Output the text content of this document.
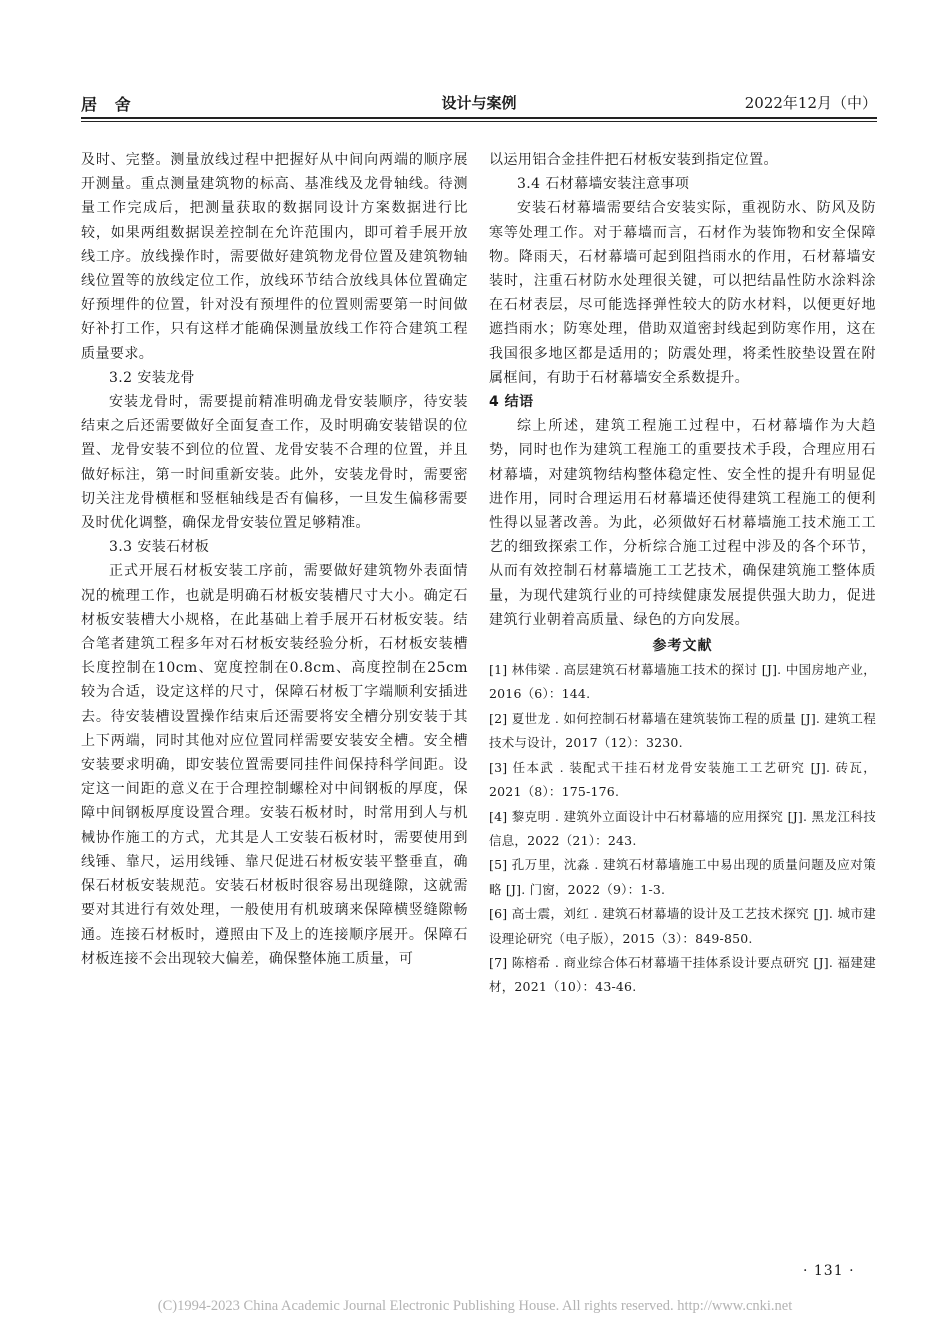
居 舍	设计与案例	2022年12月（中）

及时、完整。测量放线过程中把握好从中间向两端的顺序展开测量。重点测量建筑物的标高、基准线及龙骨轴线。待测量工作完成后，把测量获取的数据同设计方案数据进行比较，如果两组数据误差控制在允许范围内，即可着手展开放线工序。放线操作时，需要做好建筑物龙骨位置及建筑物轴线位置等的放线定位工作，放线环节结合放线具体位置确定好预埋件的位置，针对没有预埋件的位置则需要第一时间做好补打工作，只有这样才能确保测量放线工作符合建筑工程质量要求。

3.2 安装龙骨

安装龙骨时，需要提前精准明确龙骨安装顺序，待安装结束之后还需要做好全面复查工作，及时明确安装错误的位置、龙骨安装不到位的位置、龙骨安装不合理的位置，并且做好标注，第一时间重新安装。此外，安装龙骨时，需要密切关注龙骨横框和竖框轴线是否有偏移，一旦发生偏移需要及时优化调整，确保龙骨安装位置足够精准。

3.3 安装石材板

正式开展石材板安装工序前，需要做好建筑物外表面情况的梳理工作，也就是明确石材板安装槽尺寸大小。确定石材板安装槽大小规格，在此基础上着手展开石材板安装。结合笔者建筑工程多年对石材板安装经验分析，石材板安装槽长度控制在10cm、宽度控制在0.8cm、高度控制在25cm较为合适，设定这样的尺寸，保障石材板丁字端顺利安插进去。待安装槽设置操作结束后还需要将安全槽分别安装于其上下两端，同时其他对应位置同样需要安装安全槽。安全槽安装要求明确，即安装位置需要同挂件间保持科学间距。设定这一间距的意义在于合理控制螺栓对中间钢板的厚度，保障中间钢板厚度设置合理。安装石板材时，时常用到人与机械协作施工的方式，尤其是人工安装石板材时，需要使用到线锤、靠尺，运用线锤、靠尺促进石材板安装平整垂直，确保石材板安装规范。安装石材板时很容易出现缝隙，这就需要对其进行有效处理，一般使用有机玻璃来保障横竖缝隙畅通。连接石材板时，遵照由下及上的连接顺序展开。保障石材板连接不会出现较大偏差，确保整体施工质量，可

以运用铝合金挂件把石材板安装到指定位置。

3.4 石材幕墙安装注意事项

安装石材幕墙需要结合安装实际，重视防水、防风及防寒等处理工作。对于幕墙而言，石材作为装饰物和安全保障物。降雨天，石材幕墙可起到阻挡雨水的作用，石材幕墙安装时，注重石材防水处理很关键，可以把结晶性防水涂料涂在石材表层，尽可能选择弹性较大的防水材料，以便更好地遮挡雨水；防寒处理，借助双道密封线起到防寒作用，这在我国很多地区都是适用的；防震处理，将柔性胶垫设置在附属框间，有助于石材幕墙安全系数提升。

4 结语

综上所述，建筑工程施工过程中，石材幕墙作为大趋势，同时也作为建筑工程施工的重要技术手段，合理应用石材幕墙，对建筑物结构整体稳定性、安全性的提升有明显促进作用，同时合理运用石材幕墙还使得建筑工程施工的便利性得以显著改善。为此，必须做好石材幕墙施工技术施工工艺的细致探索工作，分析综合施工过程中涉及的各个环节，从而有效控制石材幕墙施工工艺技术，确保建筑施工整体质量，为现代建筑行业的可持续健康发展提供强大助力，促进建筑行业朝着高质量、绿色的方向发展。

参考文献
[1] 林伟梁 . 高层建筑石材幕墙施工技术的探讨 [J]. 中国房地产业，2016（6）：144.
[2] 夏世龙 . 如何控制石材幕墙在建筑装饰工程的质量 [J]. 建筑工程技术与设计，2017（12）：3230.
[3] 任本武 . 装配式干挂石材龙骨安装施工工艺研究 [J]. 砖瓦，2021（8）：175-176.
[4] 黎克明 . 建筑外立面设计中石材幕墙的应用探究 [J]. 黑龙江科技信息，2022（21）：243.
[5] 孔万里，沈淼 . 建筑石材幕墙施工中易出现的质量问题及应对策略 [J]. 门窗，2022（9）：1-3.
[6] 高士震，刘红 . 建筑石材幕墙的设计及工艺技术探究 [J]. 城市建设理论研究（电子版），2015（3）：849-850.
[7] 陈榕希 . 商业综合体石材幕墙干挂体系设计要点研究 [J]. 福建建材，2021（10）：43-46.
· 131 ·
(C)1994-2023 China Academic Journal Electronic Publishing House. All rights reserved. http://www.cnki.net
